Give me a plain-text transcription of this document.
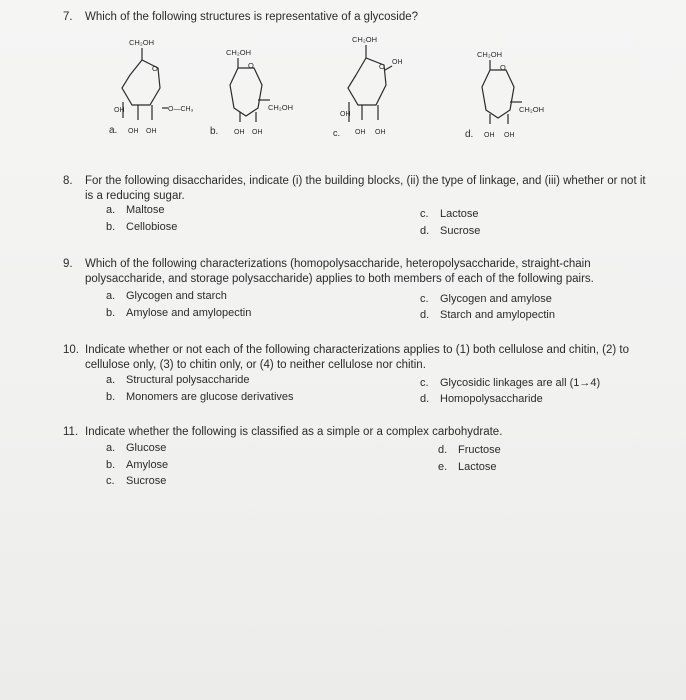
7. Which of the following structures is representative of a glycoside?
CH₂OH
O
OH	O—CH₃
a. OH OH
CH₂OH
O
CH₂OH
b. OH OH
CH₂OH
O OH
OH
c. OH OH
CH₂OH
O
CH₂OH
d. OH OH
8. For the following disaccharides, indicate (i) the building blocks, (ii) the type of linkage, and (iii) whether or not it
is a reducing sugar.
a. Maltose
b. Cellobiose
c. Lactose
d. Sucrose
9. Which of the following characterizations (homopolysaccharide, heteropolysaccharide, straight-chain
polysaccharide, and storage polysaccharide) applies to both members of each of the following pairs.
a. Glycogen and starch
b. Amylose and amylopectin
c. Glycogen and amylose
d. Starch and amylopectin
10. Indicate whether or not each of the following characterizations applies to (1) both cellulose and chitin, (2) to
cellulose only, (3) to chitin only, or (4) to neither cellulose nor chitin.
a. Structural polysaccharide
b. Monomers are glucose derivatives
c. Glycosidic linkages are all (1→4)
d. Homopolysaccharide
11. Indicate whether the following is classified as a simple or a complex carbohydrate.
a. Glucose
b. Amylose
c. Sucrose
d. Fructose
e. Lactose
